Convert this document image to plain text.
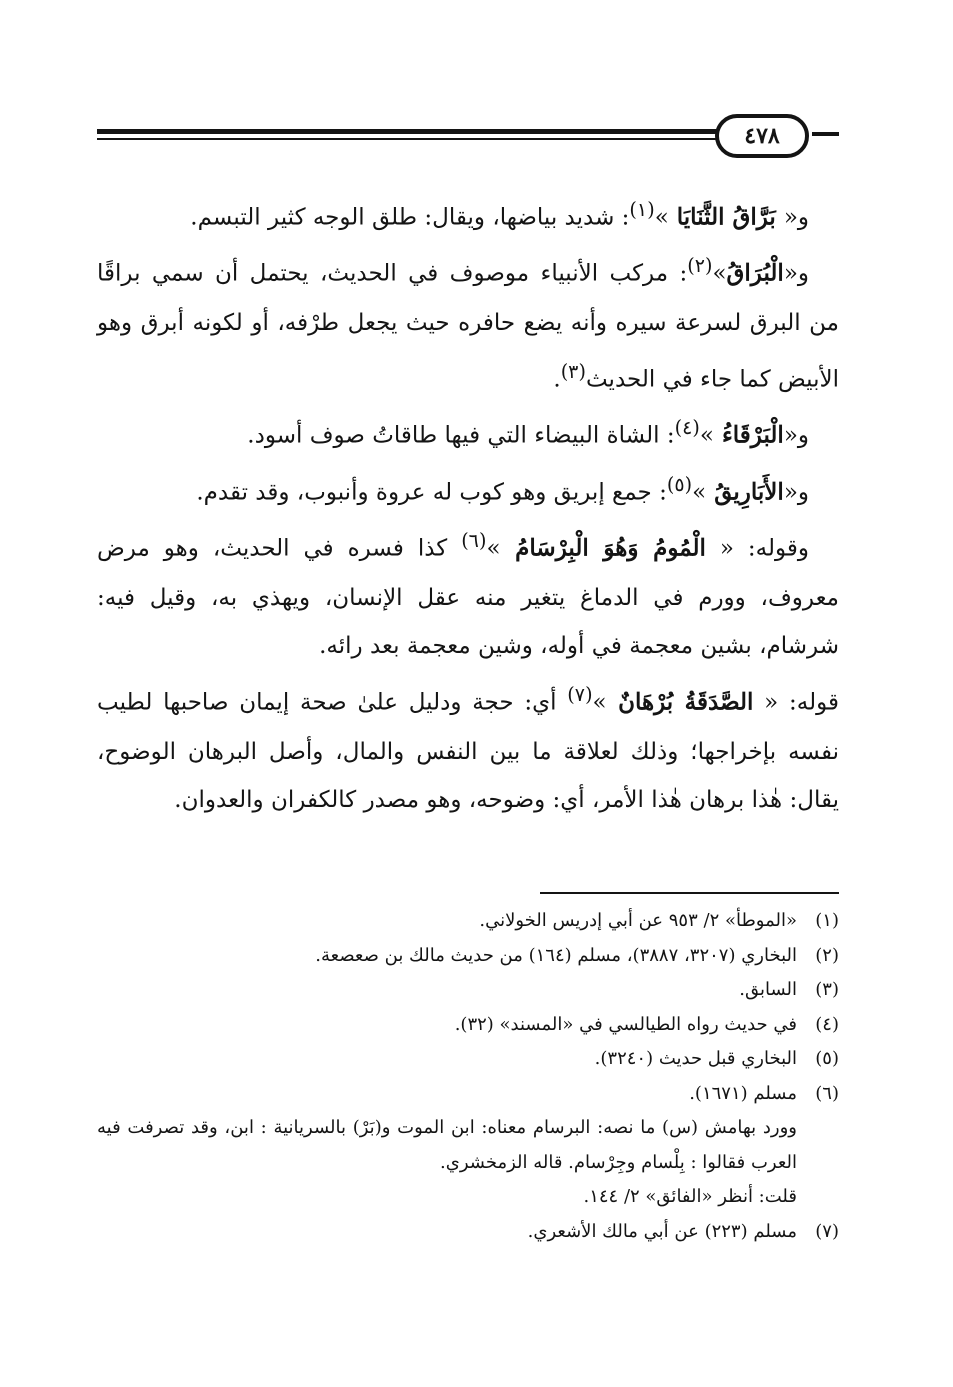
٤٧٨

و« بَرَّاقُ الثَّنَايَا »$^{(١)}$: شديد بياضها، ويقال: طلق الوجه كثير التبسم.

و«الْبُرَاقُ»$^{(٢)}$: مركب الأنبياء موصوف في الحديث، يحتمل أن سمي براقًا من البرق لسرعة سيره وأنه يضع حافره حيث يجعل طرْفه، أو لكونه أبرق وهو الأبيض كما جاء في الحديث$^{(٣)}$.

و«الْبَرْقَاءُ »$^{(٤)}$: الشاة البيضاء التي فيها طاقاتُ صوف أسود.

و«الأَبَارِيقُ »$^{(٥)}$: جمع إبريق وهو كوب له عروة وأنبوب، وقد تقدم.

وقوله: « الْمُومُ وَهُوَ الْبِرْسَامُ »$^{(٦)}$ كذا فسره في الحديث، وهو مرض معروف، وورم في الدماغ يتغير منه عقل الإنسان، ويهذي به، وقيل فيه: شرشام، بشين معجمة في أوله، وشين معجمة بعد رائه.

قوله: « الصَّدَقَةُ بُرْهَانٌ »$^{(٧)}$ أي: حجة ودليل علىٰ صحة إيمان صاحبها لطيب نفسه بإخراجها؛ وذلك لعلاقة ما بين النفس والمال، وأصل البرهان الوضوح، يقال: هٰذا برهان هٰذا الأمر، أي: وضوحه، وهو مصدر كالكفران والعدوان.

(١)«الموطأ» ٢/ ٩٥٣ عن أبي إدريس الخولاني.

(٢)البخاري (٣٢٠٧، ٣٨٨٧)، مسلم (١٦٤) من حديث مالك بن صعصعة.

(٣)السابق.

(٤)في حديث رواه الطيالسي في «المسند» (٣٢).

(٥)البخاري قبل حديث (٣٢٤٠).

(٦)مسلم (١٦٧١).

وورد بهامش (س) ما نصه: البرسام معناه: ابن الموت و(بَرْ) بالسريانية : ابن، وقد تصرفت فيه العرب فقالوا : بِلْسام وجِرْسام. قاله الزمخشري.

قلت: أنظر «الفائق» ٢/ ١٤٤.

(٧)مسلم (٢٢٣) عن أبي مالك الأشعري.
